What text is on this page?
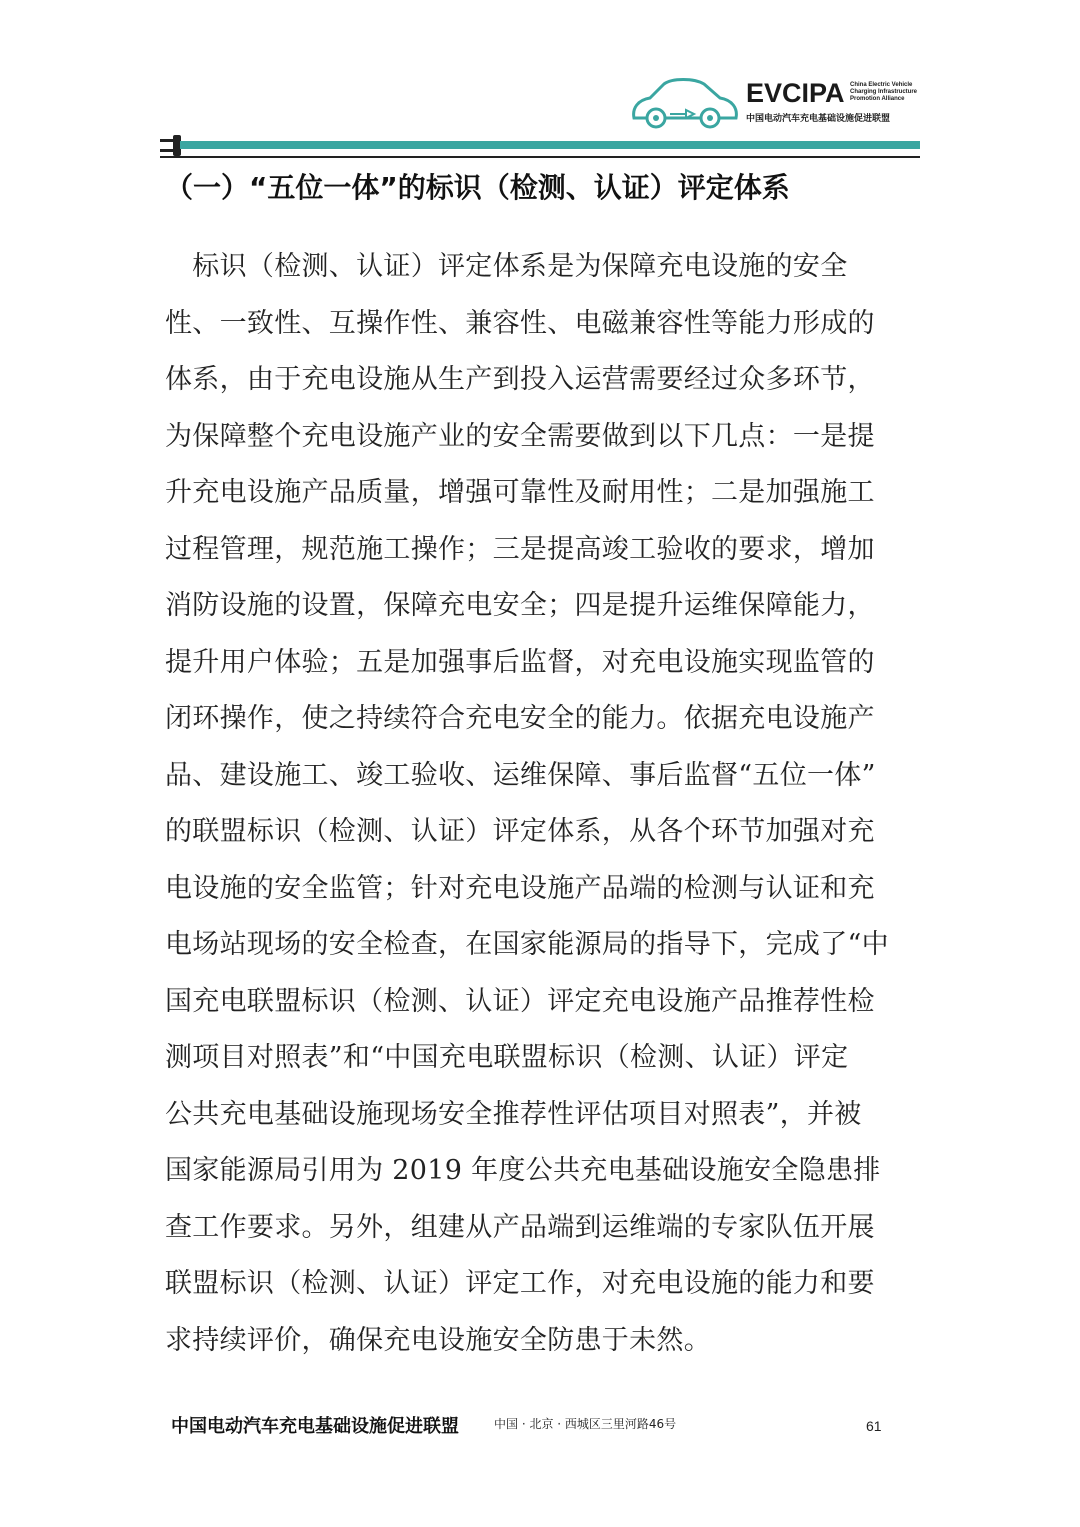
EVCIPA China Electric Vehicle
Charging Infrastructure
Promotion Alliance
中国电动汽车充电基础设施促进联盟
（一）“五位一体”的标识（检测、认证）评定体系
　标识（检测、认证）评定体系是为保障充电设施的安全
性、一致性、互操作性、兼容性、电磁兼容性等能力形成的
体系，由于充电设施从生产到投入运营需要经过众多环节，
为保障整个充电设施产业的安全需要做到以下几点：一是提
升充电设施产品质量，增强可靠性及耐用性；二是加强施工
过程管理，规范施工操作；三是提高竣工验收的要求，增加
消防设施的设置，保障充电安全；四是提升运维保障能力，
提升用户体验；五是加强事后监督，对充电设施实现监管的
闭环操作，使之持续符合充电安全的能力。依据充电设施产
品、建设施工、竣工验收、运维保障、事后监督“五位一体”
的联盟标识（检测、认证）评定体系，从各个环节加强对充
电设施的安全监管；针对充电设施产品端的检测与认证和充
电场站现场的安全检查，在国家能源局的指导下，完成了“中
国充电联盟标识（检测、认证）评定充电设施产品推荐性检
测项目对照表”和“中国充电联盟标识（检测、认证）评定
公共充电基础设施现场安全推荐性评估项目对照表”，并被
国家能源局引用为 2019 年度公共充电基础设施安全隐患排
查工作要求。另外，组建从产品端到运维端的专家队伍开展
联盟标识（检测、认证）评定工作，对充电设施的能力和要
求持续评价，确保充电设施安全防患于未然。
中国电动汽车充电基础设施促进联盟	中国 · 北京 · 西城区三里河路46号	61
